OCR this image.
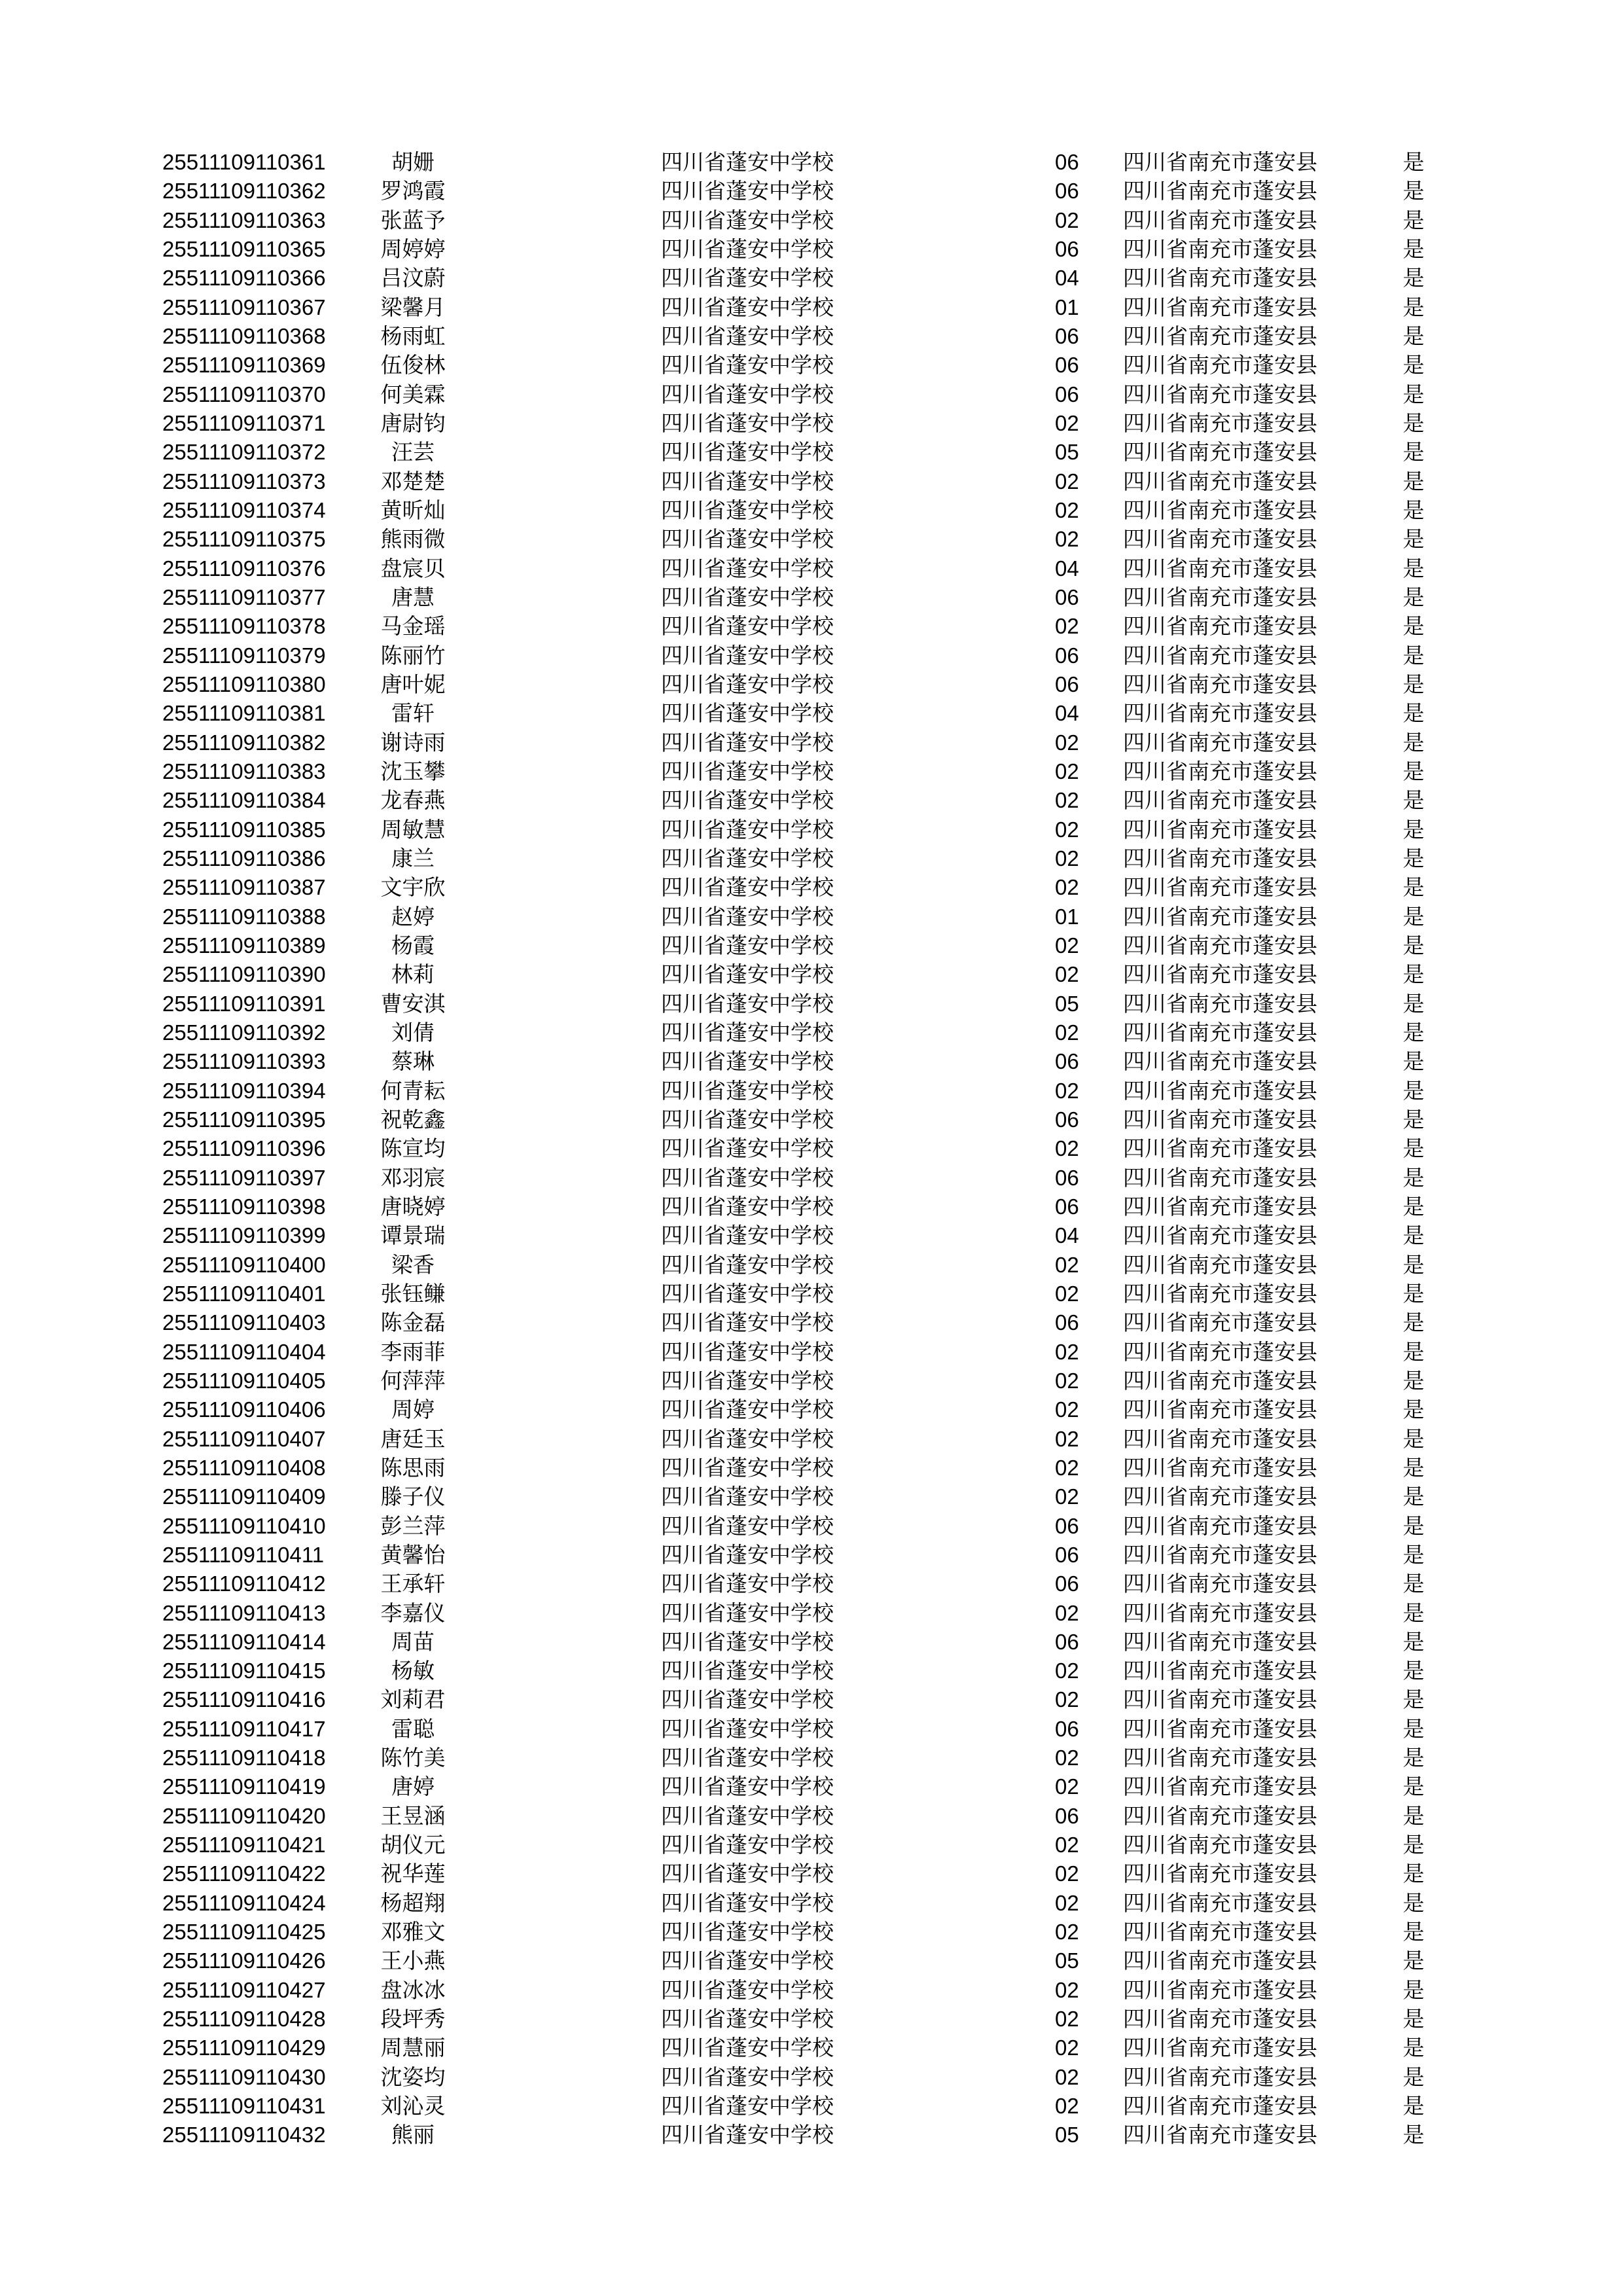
25511109110361	胡姗	四川省蓬安中学校	06 四川省南充市蓬安县	是
25511109110362	罗鸿霞	四川省蓬安中学校	06 四川省南充市蓬安县	是
25511109110363	张蓝予	四川省蓬安中学校	02 四川省南充市蓬安县	是
25511109110365	周婷婷	四川省蓬安中学校	06 四川省南充市蓬安县	是
25511109110366	吕汶蔚	四川省蓬安中学校	04 四川省南充市蓬安县	是
25511109110367	梁馨月	四川省蓬安中学校	01 四川省南充市蓬安县	是
25511109110368	杨雨虹	四川省蓬安中学校	06 四川省南充市蓬安县	是
25511109110369	伍俊林	四川省蓬安中学校	06 四川省南充市蓬安县	是
25511109110370	何美霖	四川省蓬安中学校	06 四川省南充市蓬安县	是
25511109110371	唐尉钧	四川省蓬安中学校	02 四川省南充市蓬安县	是
25511109110372	汪芸	四川省蓬安中学校	05 四川省南充市蓬安县	是
25511109110373	邓楚楚	四川省蓬安中学校	02 四川省南充市蓬安县	是
25511109110374	黄昕灿	四川省蓬安中学校	02 四川省南充市蓬安县	是
25511109110375	熊雨微	四川省蓬安中学校	02 四川省南充市蓬安县	是
25511109110376	盘宸贝	四川省蓬安中学校	04 四川省南充市蓬安县	是
25511109110377	唐慧	四川省蓬安中学校	06 四川省南充市蓬安县	是
25511109110378	马金瑶	四川省蓬安中学校	02 四川省南充市蓬安县	是
25511109110379	陈丽竹	四川省蓬安中学校	06 四川省南充市蓬安县	是
25511109110380	唐叶妮	四川省蓬安中学校	06 四川省南充市蓬安县	是
25511109110381	雷轩	四川省蓬安中学校	04 四川省南充市蓬安县	是
25511109110382	谢诗雨	四川省蓬安中学校	02 四川省南充市蓬安县	是
25511109110383	沈玉攀	四川省蓬安中学校	02 四川省南充市蓬安县	是
25511109110384	龙春燕	四川省蓬安中学校	02 四川省南充市蓬安县	是
25511109110385	周敏慧	四川省蓬安中学校	02 四川省南充市蓬安县	是
25511109110386	康兰	四川省蓬安中学校	02 四川省南充市蓬安县	是
25511109110387	文宇欣	四川省蓬安中学校	02 四川省南充市蓬安县	是
25511109110388	赵婷	四川省蓬安中学校	01 四川省南充市蓬安县	是
25511109110389	杨霞	四川省蓬安中学校	02 四川省南充市蓬安县	是
25511109110390	林莉	四川省蓬安中学校	02 四川省南充市蓬安县	是
25511109110391	曹安淇	四川省蓬安中学校	05 四川省南充市蓬安县	是
25511109110392	刘倩	四川省蓬安中学校	02 四川省南充市蓬安县	是
25511109110393	蔡琳	四川省蓬安中学校	06 四川省南充市蓬安县	是
25511109110394	何青耘	四川省蓬安中学校	02 四川省南充市蓬安县	是
25511109110395	祝乾鑫	四川省蓬安中学校	06 四川省南充市蓬安县	是
25511109110396	陈宣均	四川省蓬安中学校	02 四川省南充市蓬安县	是
25511109110397	邓羽宸	四川省蓬安中学校	06 四川省南充市蓬安县	是
25511109110398	唐晓婷	四川省蓬安中学校	06 四川省南充市蓬安县	是
25511109110399	谭景瑞	四川省蓬安中学校	04 四川省南充市蓬安县	是
25511109110400	梁香	四川省蓬安中学校	02 四川省南充市蓬安县	是
25511109110401	张钰鳒	四川省蓬安中学校	02 四川省南充市蓬安县	是
25511109110403	陈金磊	四川省蓬安中学校	06 四川省南充市蓬安县	是
25511109110404	李雨菲	四川省蓬安中学校	02 四川省南充市蓬安县	是
25511109110405	何萍萍	四川省蓬安中学校	02 四川省南充市蓬安县	是
25511109110406	周婷	四川省蓬安中学校	02 四川省南充市蓬安县	是
25511109110407	唐廷玉	四川省蓬安中学校	02 四川省南充市蓬安县	是
25511109110408	陈思雨	四川省蓬安中学校	02 四川省南充市蓬安县	是
25511109110409	滕子仪	四川省蓬安中学校	02 四川省南充市蓬安县	是
25511109110410	彭兰萍	四川省蓬安中学校	06 四川省南充市蓬安县	是
25511109110411	黄馨怡	四川省蓬安中学校	06 四川省南充市蓬安县	是
25511109110412	王承轩	四川省蓬安中学校	06 四川省南充市蓬安县	是
25511109110413	李嘉仪	四川省蓬安中学校	02 四川省南充市蓬安县	是
25511109110414	周苗	四川省蓬安中学校	06 四川省南充市蓬安县	是
25511109110415	杨敏	四川省蓬安中学校	02 四川省南充市蓬安县	是
25511109110416	刘莉君	四川省蓬安中学校	02 四川省南充市蓬安县	是
25511109110417	雷聪	四川省蓬安中学校	06 四川省南充市蓬安县	是
25511109110418	陈竹美	四川省蓬安中学校	02 四川省南充市蓬安县	是
25511109110419	唐婷	四川省蓬安中学校	02 四川省南充市蓬安县	是
25511109110420	王昱涵	四川省蓬安中学校	06 四川省南充市蓬安县	是
25511109110421	胡仪元	四川省蓬安中学校	02 四川省南充市蓬安县	是
25511109110422	祝华莲	四川省蓬安中学校	02 四川省南充市蓬安县	是
25511109110424	杨超翔	四川省蓬安中学校	02 四川省南充市蓬安县	是
25511109110425	邓雅文	四川省蓬安中学校	02 四川省南充市蓬安县	是
25511109110426	王小燕	四川省蓬安中学校	05 四川省南充市蓬安县	是
25511109110427	盘冰冰	四川省蓬安中学校	02 四川省南充市蓬安县	是
25511109110428	段坪秀	四川省蓬安中学校	02 四川省南充市蓬安县	是
25511109110429	周慧丽	四川省蓬安中学校	02 四川省南充市蓬安县	是
25511109110430	沈姿均	四川省蓬安中学校	02 四川省南充市蓬安县	是
25511109110431	刘沁灵	四川省蓬安中学校	02 四川省南充市蓬安县	是
25511109110432	熊丽	四川省蓬安中学校	05 四川省南充市蓬安县	是
